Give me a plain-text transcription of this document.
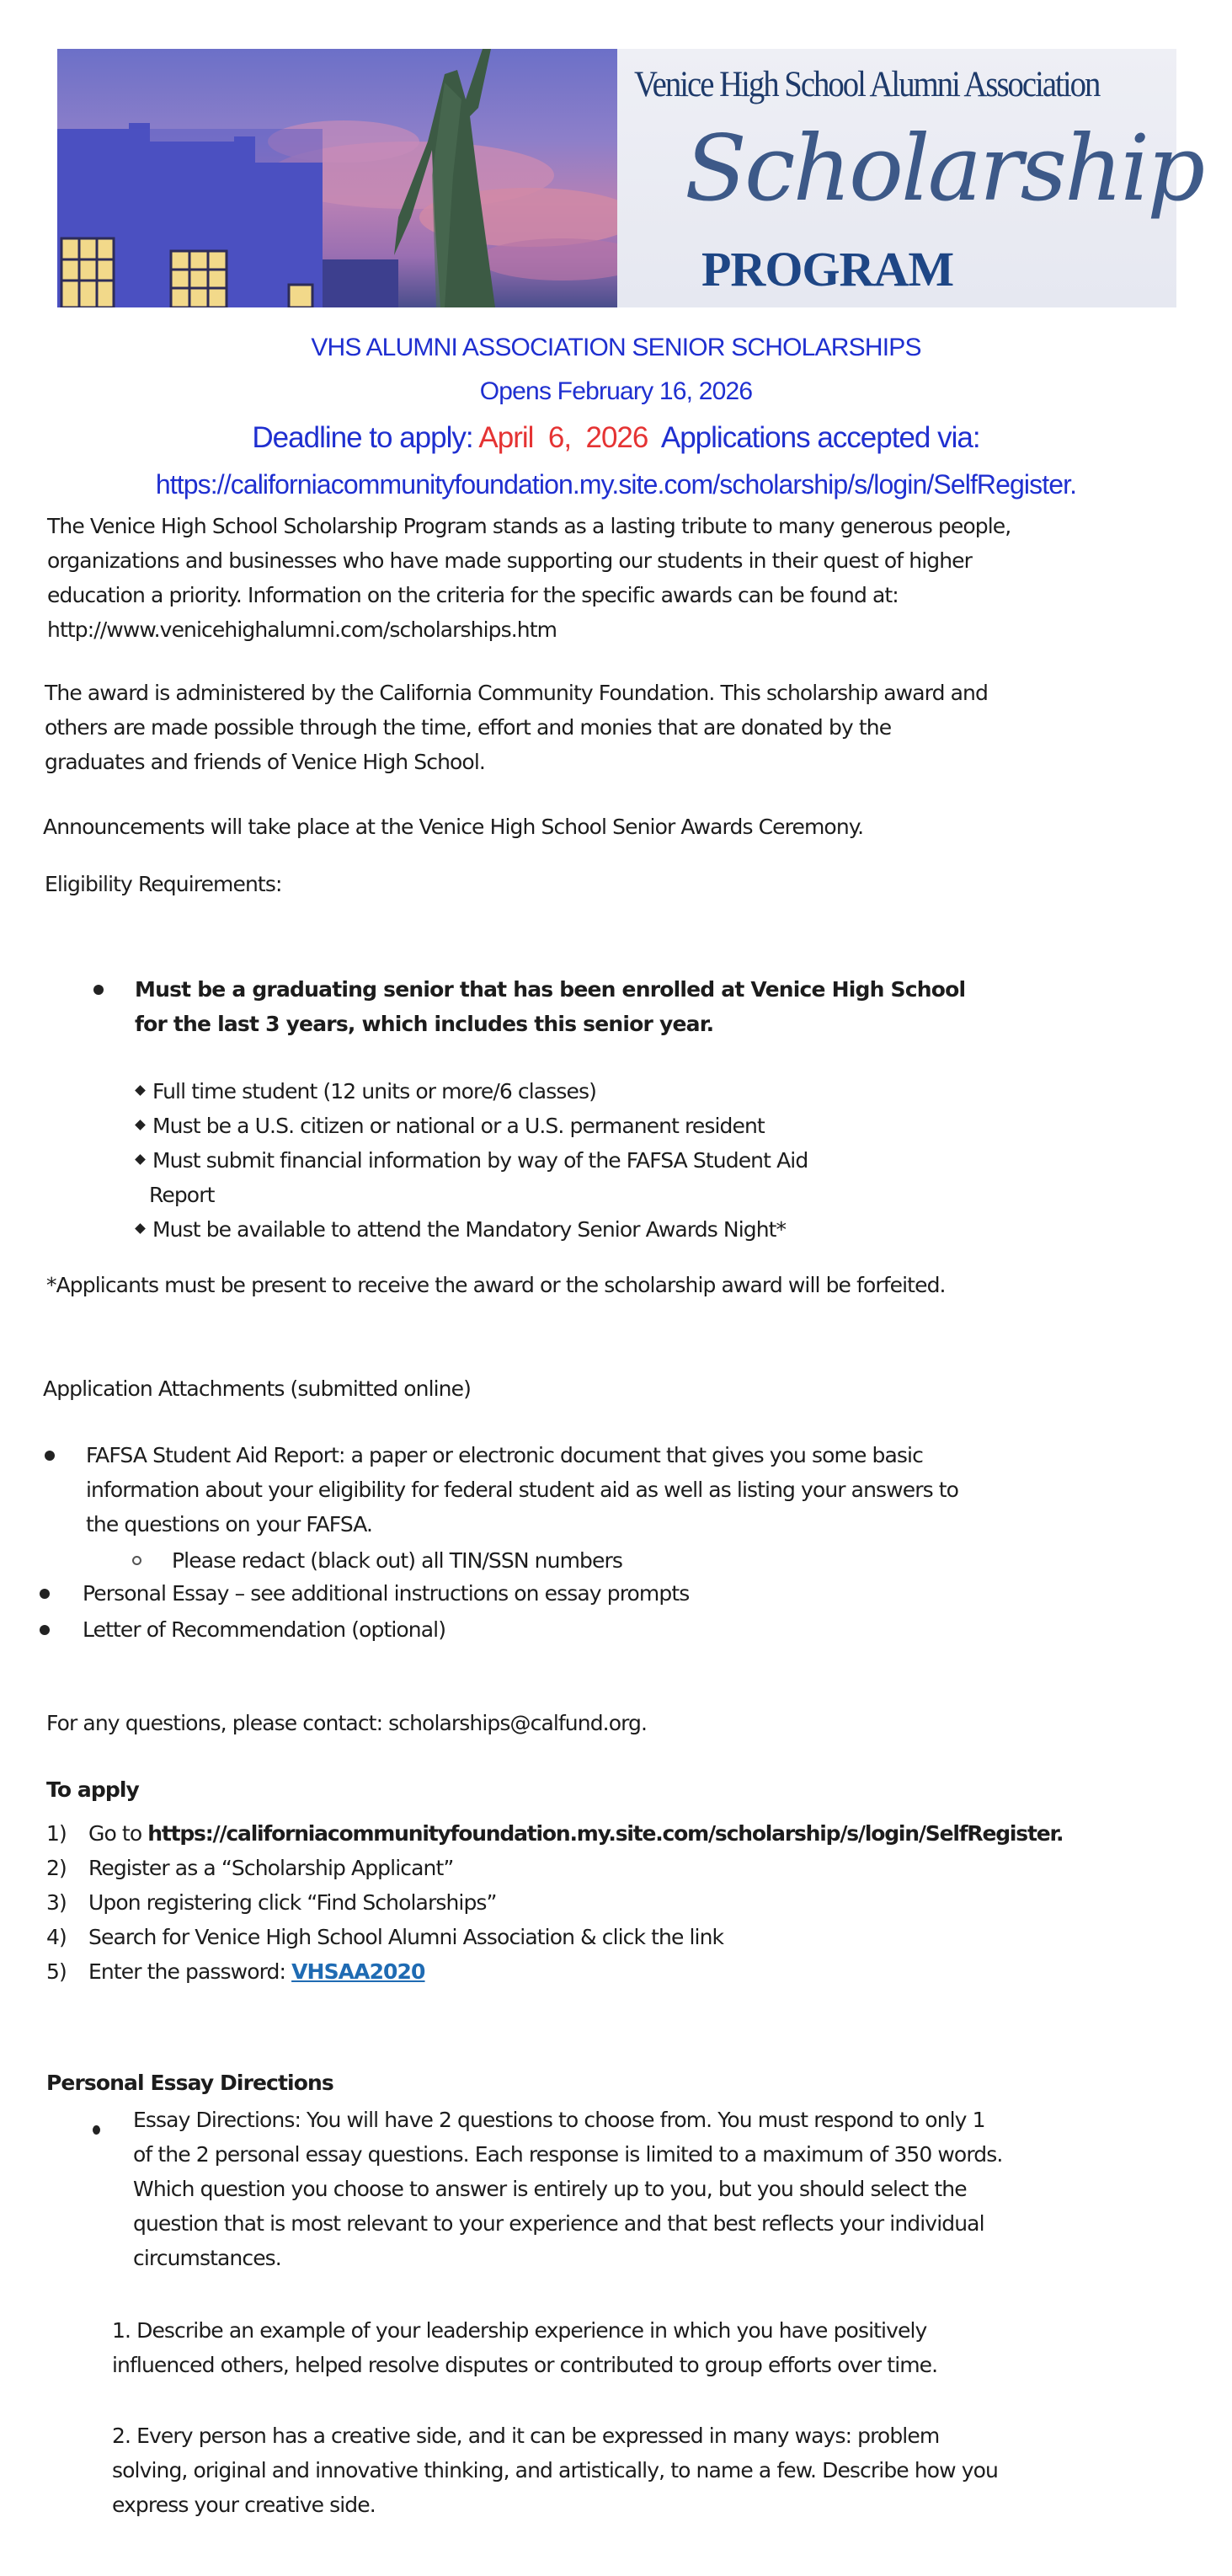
Venice High School Alumni Association
Scholarship
PROGRAM
VHS ALUMNI ASSOCIATION SENIOR SCHOLARSHIPS
Opens February 16, 2026
Deadline to apply: April  6,  2026  Applications accepted via:
https://californiacommunityfoundation.my.site.com/scholarship/s/login/SelfRegister.
The Venice High School Scholarship Program stands as a lasting tribute to many generous people,
organizations and businesses who have made supporting our students in their quest of higher
education a priority. Information on the criteria for the specific awards can be found at:
http://www.venicehighalumni.com/scholarships.htm
The award is administered by the California Community Foundation. This scholarship award and
others are made possible through the time, effort and monies that are donated by the
graduates and friends of Venice High School.
Announcements will take place at the Venice High School Senior Awards Ceremony.
Eligibility Requirements:
Must be a graduating senior that has been enrolled at Venice High School
for the last 3 years, which includes this senior year.
Full time student (12 units or more/6 classes)
Must be a U.S. citizen or national or a U.S. permanent resident
Must submit financial information by way of the FAFSA Student Aid
Report
Must be available to attend the Mandatory Senior Awards Night*
*Applicants must be present to receive the award or the scholarship award will be forfeited.
Application Attachments (submitted online)
FAFSA Student Aid Report: a paper or electronic document that gives you some basic
information about your eligibility for federal student aid as well as listing your answers to
the questions on your FAFSA.
Please redact (black out) all TIN/SSN numbers
Personal Essay – see additional instructions on essay prompts
Letter of Recommendation (optional)
For any questions, please contact: scholarships@calfund.org.
To apply
1) Go to https://californiacommunityfoundation.my.site.com/scholarship/s/login/SelfRegister.
2) Register as a “Scholarship Applicant”
3) Upon registering click “Find Scholarships”
4) Search for Venice High School Alumni Association & click the link
5) Enter the password: VHSAA2020
Personal Essay Directions
Essay Directions: You will have 2 questions to choose from. You must respond to only 1
of the 2 personal essay questions. Each response is limited to a maximum of 350 words.
Which question you choose to answer is entirely up to you, but you should select the
question that is most relevant to your experience and that best reflects your individual
circumstances.
1. Describe an example of your leadership experience in which you have positively
influenced others, helped resolve disputes or contributed to group efforts over time.
2. Every person has a creative side, and it can be expressed in many ways: problem
solving, original and innovative thinking, and artistically, to name a few. Describe how you
express your creative side.
